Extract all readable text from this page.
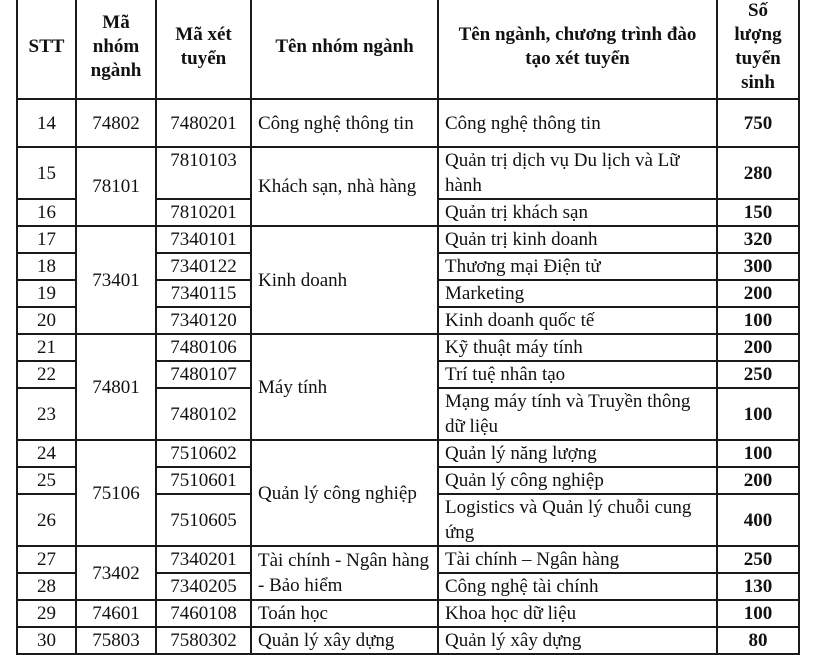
STT	Mã nhóm ngành	Mã xét tuyển	Tên nhóm ngành	Tên ngành, chương trình đào tạo xét tuyển	Số lượng tuyển sinh
14	74802	7480201	Công nghệ thông tin	Công nghệ thông tin	750
15	78101	7810103	Khách sạn, nhà hàng	Quản trị dịch vụ Du lịch và Lữ hành	280
16		7810201		Quản trị khách sạn	150
17	73401	7340101	Kinh doanh	Quản trị kinh doanh	320
18		7340122		Thương mại Điện tử	300
19		7340115		Marketing	200
20		7340120		Kinh doanh quốc tế	100
21	74801	7480106	Máy tính	Kỹ thuật máy tính	200
22		7480107		Trí tuệ nhân tạo	250
23		7480102		Mạng máy tính và Truyền thông dữ liệu	100
24	75106	7510602	Quản lý công nghiệp	Quản lý năng lượng	100
25		7510601		Quản lý công nghiệp	200
26		7510605		Logistics và Quản lý chuỗi cung ứng	400
27	73402	7340201	Tài chính - Ngân hàng - Bảo hiểm	Tài chính – Ngân hàng	250
28		7340205		Công nghệ tài chính	130
29	74601	7460108	Toán học	Khoa học dữ liệu	100
30	75803	7580302	Quản lý xây dựng	Quản lý xây dựng	80
